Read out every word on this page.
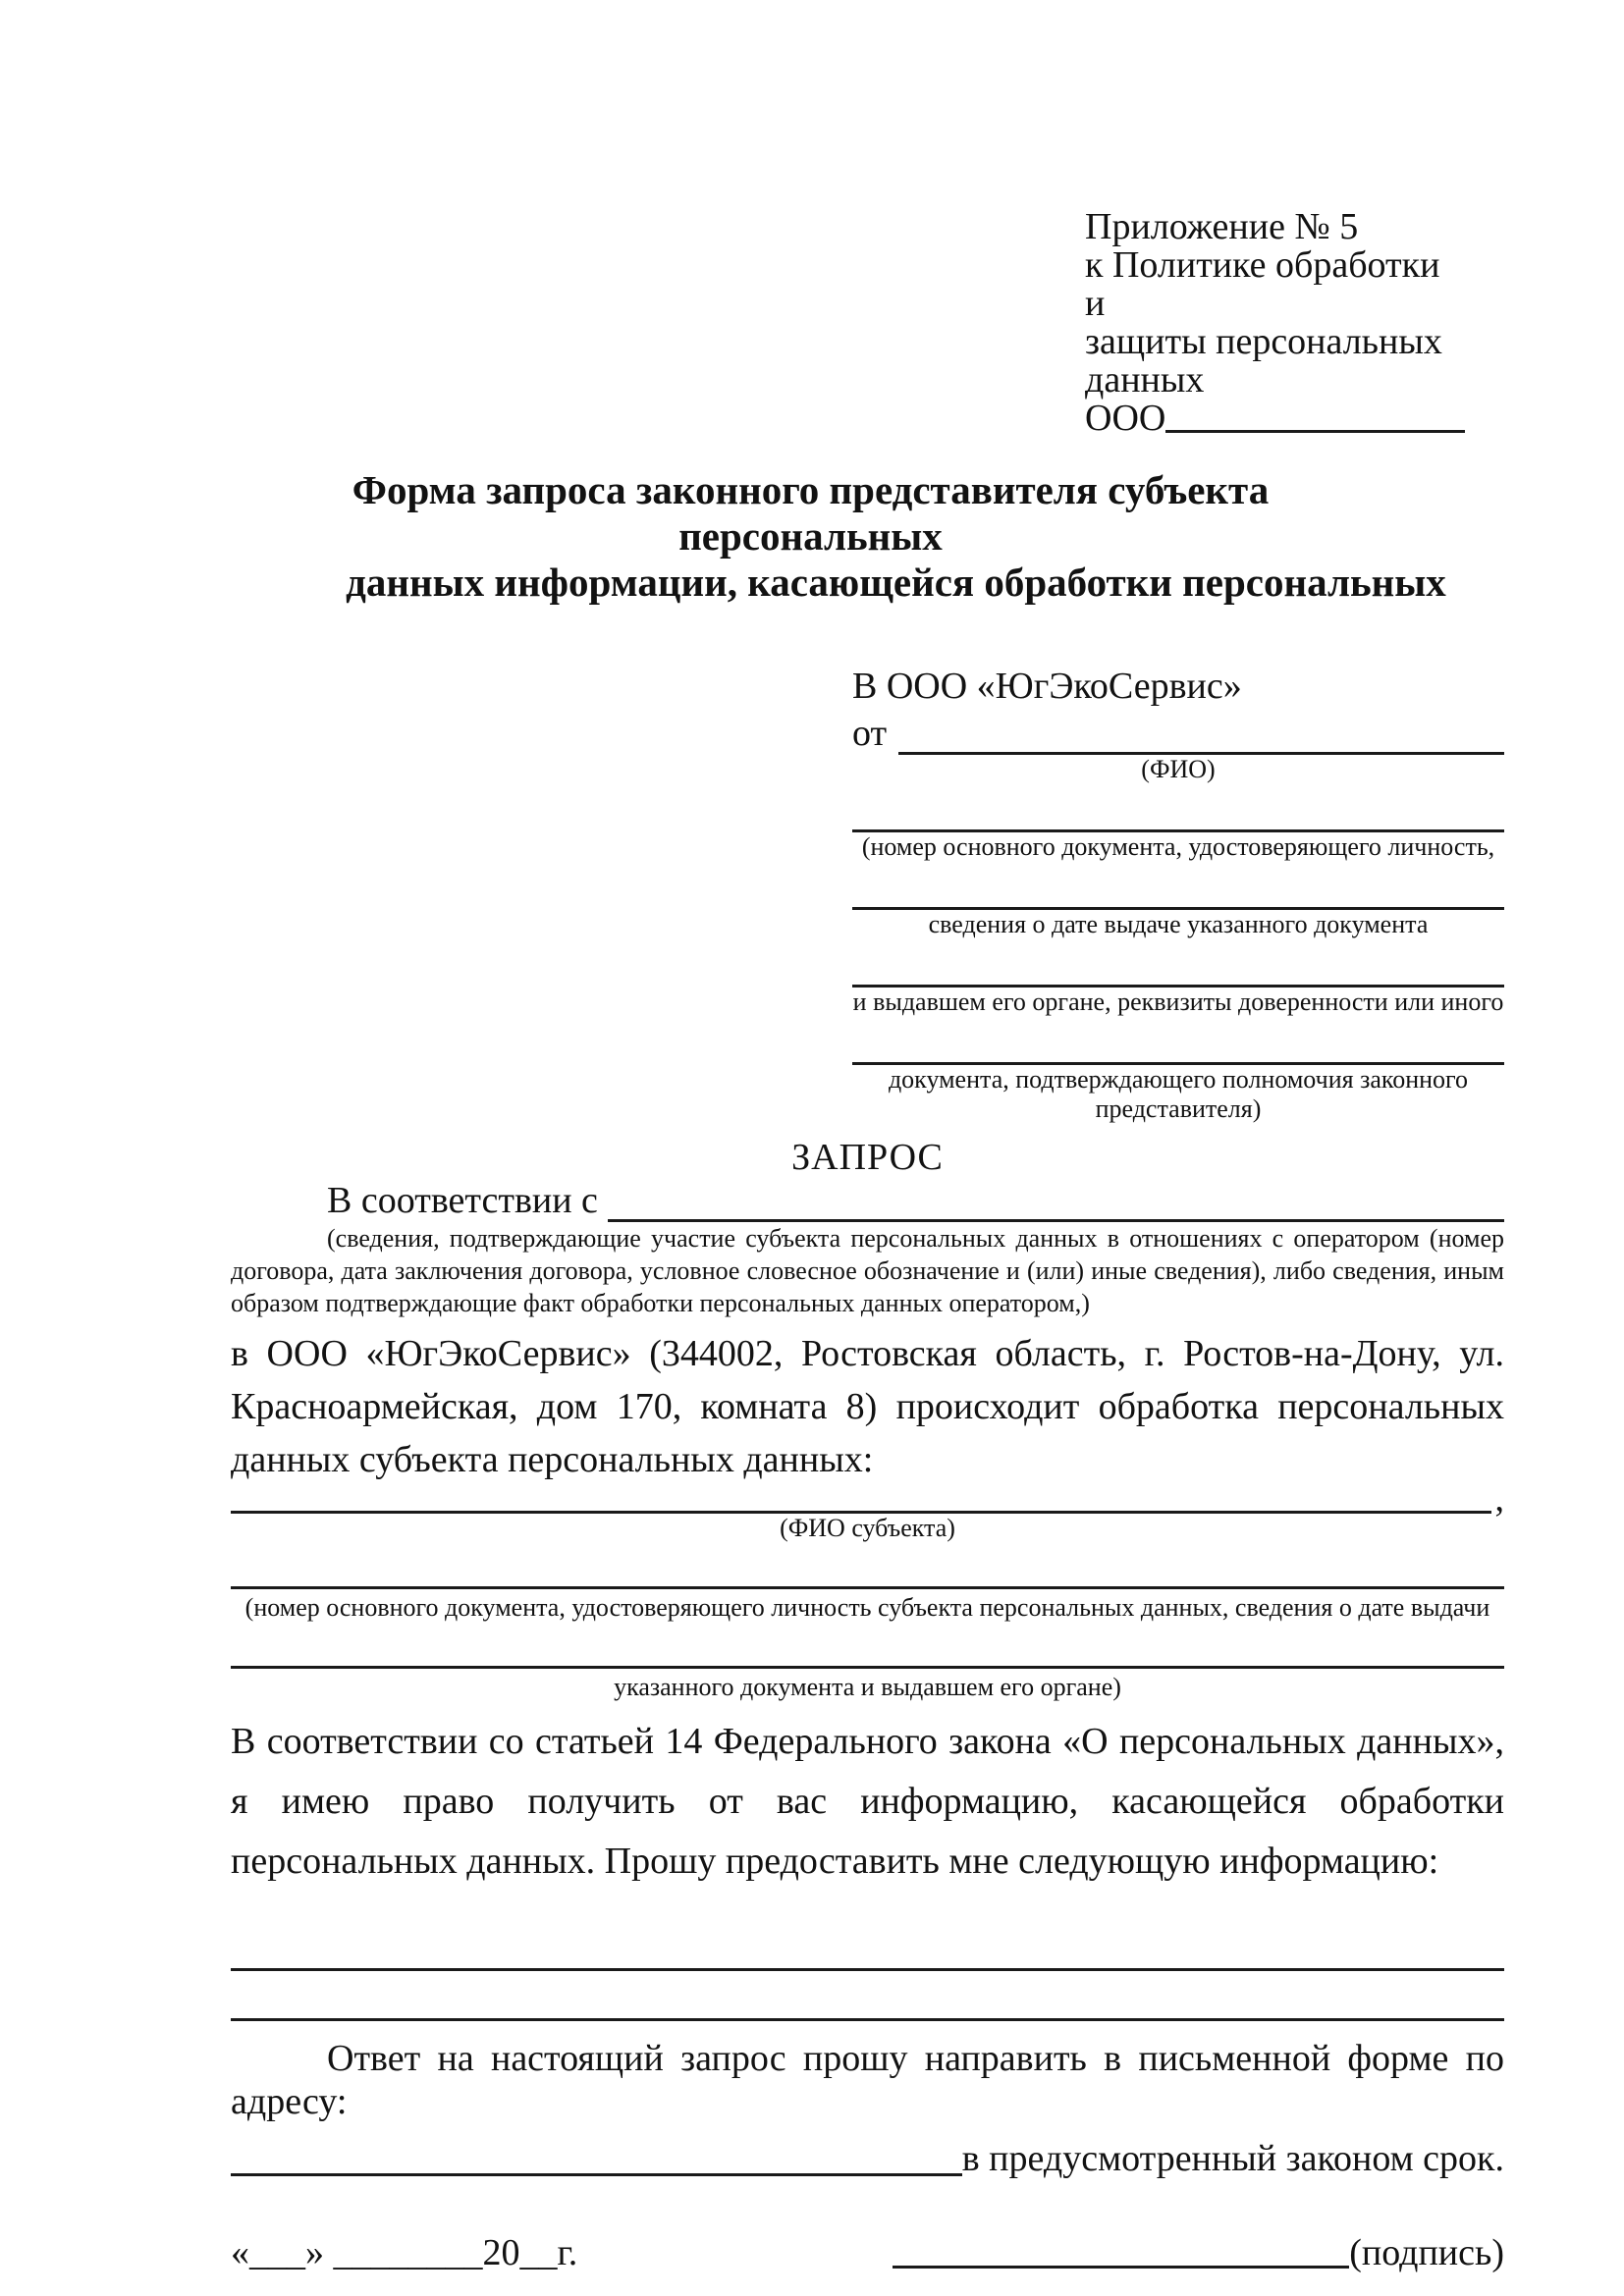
Приложение № 5
к Политике обработки и
защиты персональных данных
ООО
Форма запроса законного представителя субъекта персональных
данных информации, касающейся обработки персональных
В ООО «ЮгЭкоСервис»
от
(ФИО)
(номер основного документа, удостоверяющего личность,
сведения о дате выдаче указанного документа
и выдавшем его органе, реквизиты доверенности или иного
документа, подтверждающего полномочия законного представителя)
ЗАПРОС
В соответствии с
(сведения, подтверждающие участие субъекта персональных данных в отношениях с оператором (номер договора, дата заключения договора, условное словесное обозначение и (или) иные сведения), либо сведения, иным образом подтверждающие факт обработки персональных данных оператором,)
в ООО «ЮгЭкоСервис» (344002, Ростовская область, г. Ростов-на-Дону, ул. Красноармейская, дом 170, комната 8) происходит обработка персональных данных субъекта персональных данных:
,
(ФИО субъекта)
(номер основного документа, удостоверяющего личность субъекта персональных данных, сведения о дате выдачи
указанного документа и выдавшем его органе)
В соответствии со статьей 14 Федерального закона «О персональных данных», я имею право получить от вас информацию, касающейся обработки персональных данных. Прошу предоставить мне следующую информацию:
Ответ на настоящий запрос прошу направить в письменной форме по адресу:
в предусмотренный законом срок.
«___» ________20__г.	(подпись)
